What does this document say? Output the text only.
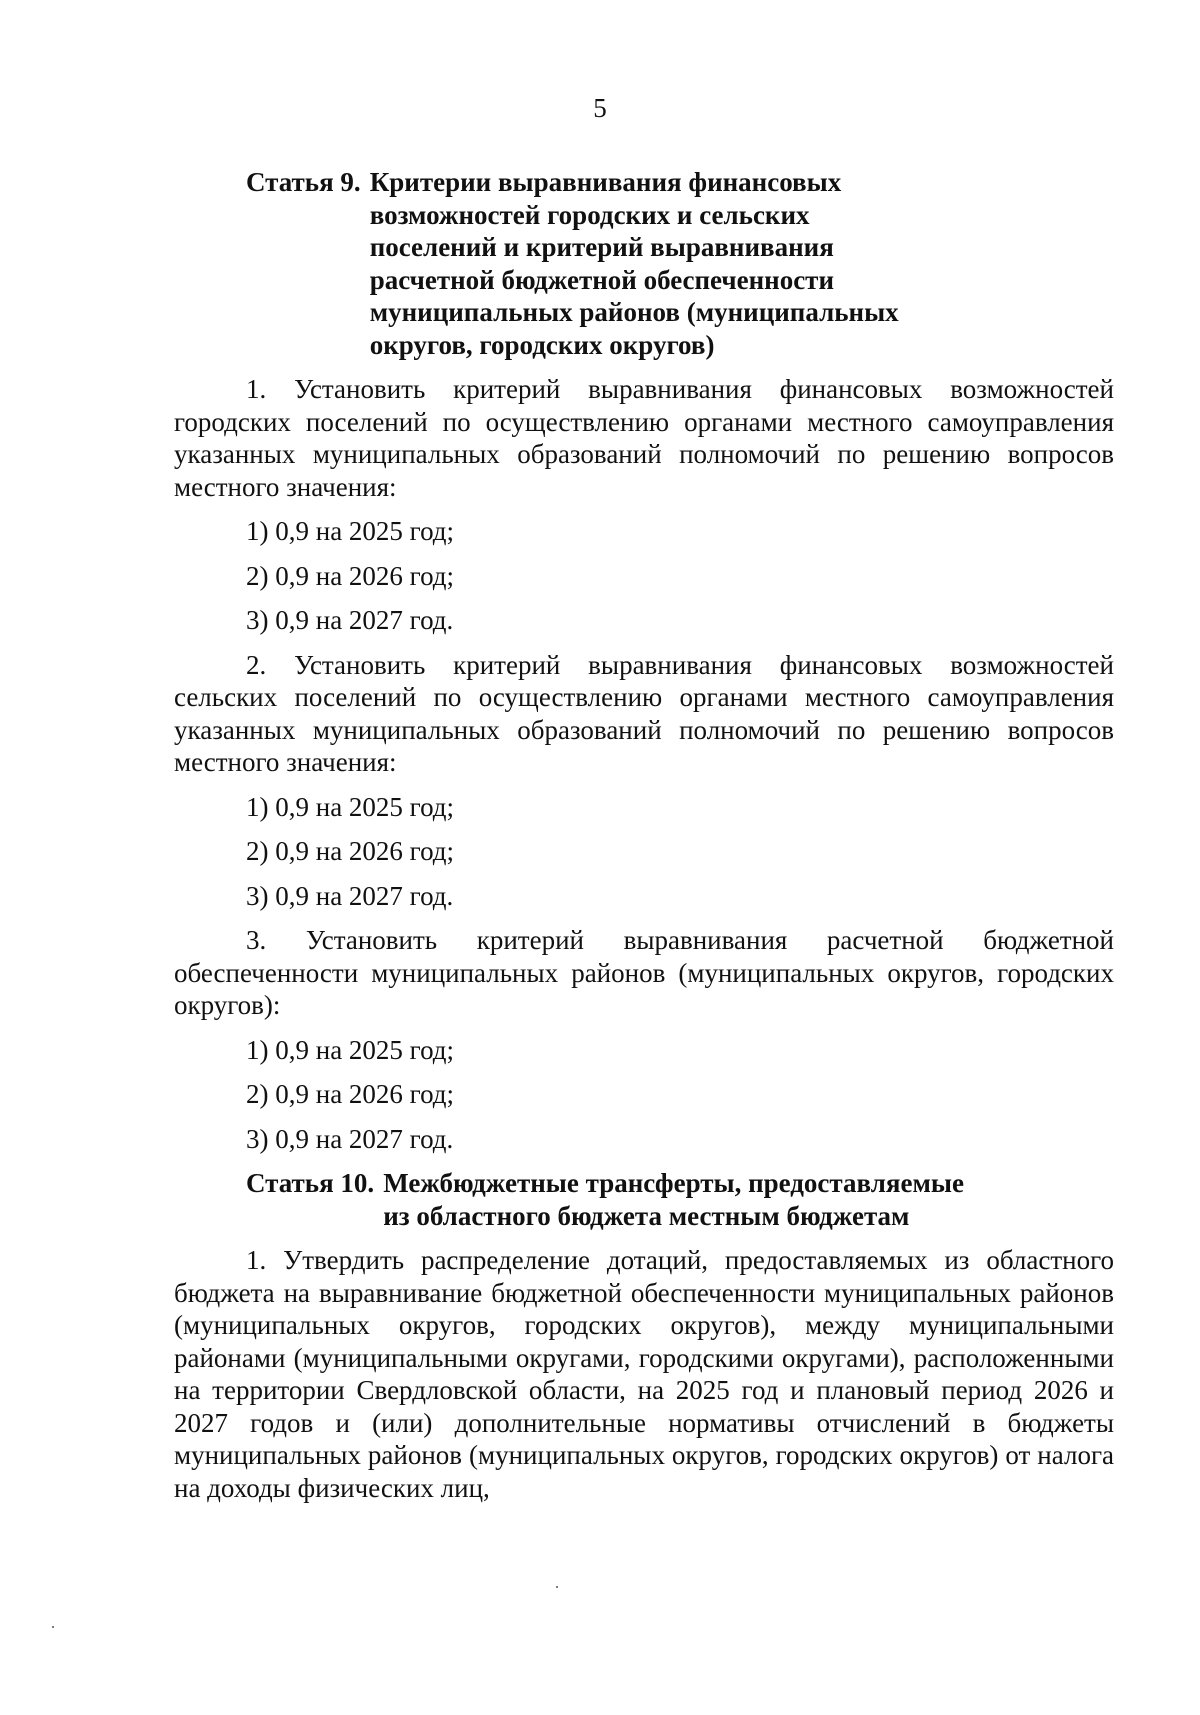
5
Статья 9. Критерии выравнивания финансовых
возможностей городских и сельских
поселений и критерий выравнивания
расчетной бюджетной обеспеченности
муниципальных районов (муниципальных
округов, городских округов)

1. Установить критерий выравнивания финансовых возможностей городских поселений по осуществлению органами местного самоуправления указанных муниципальных образований полномочий по решению вопросов местного значения:

1) 0,9 на 2025 год;
2) 0,9 на 2026 год;
3) 0,9 на 2027 год.

2. Установить критерий выравнивания финансовых возможностей сельских поселений по осуществлению органами местного самоуправления указанных муниципальных образований полномочий по решению вопросов местного значения:

1) 0,9 на 2025 год;
2) 0,9 на 2026 год;
3) 0,9 на 2027 год.

3. Установить критерий выравнивания расчетной бюджетной обеспеченности муниципальных районов (муниципальных округов, городских округов):

1) 0,9 на 2025 год;
2) 0,9 на 2026 год;
3) 0,9 на 2027 год.
Статья 10. Межбюджетные трансферты, предоставляемые
из областного бюджета местным бюджетам

1. Утвердить распределение дотаций, предоставляемых из областного бюджета на выравнивание бюджетной обеспеченности муниципальных районов (муниципальных округов, городских округов), между муниципальными районами (муниципальными округами, городскими округами), расположенными на территории Свердловской области, на 2025 год и плановый период 2026 и 2027 годов и (или) дополнительные нормативы отчислений в бюджеты муниципальных районов (муниципальных округов, городских округов) от налога на доходы физических лиц,
